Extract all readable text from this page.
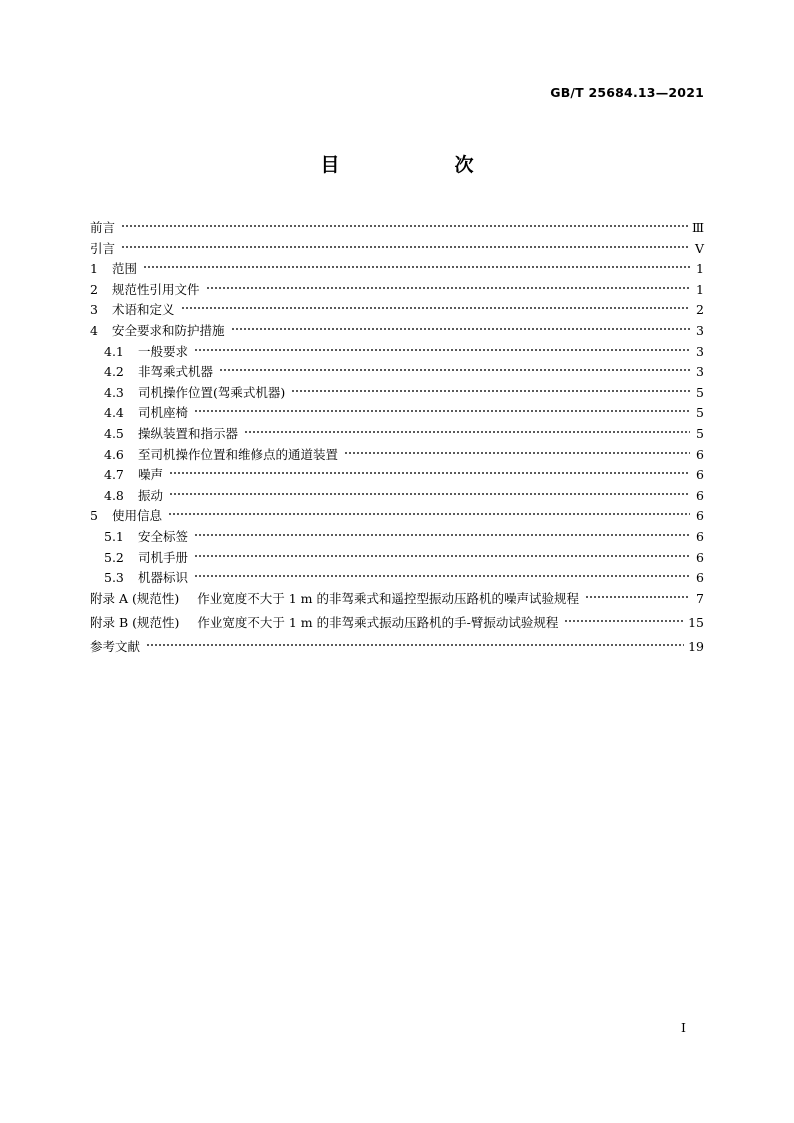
GB/T 25684.13—2021
目　次
前言	Ⅲ
引言	Ⅴ
1	范围	1
2	规范性引用文件	1
3	术语和定义	2
4	安全要求和防护措施	3
4.1	一般要求	3
4.2	非驾乘式机器	3
4.3	司机操作位置(驾乘式机器)	5
4.4	司机座椅	5
4.5	操纵装置和指示器	5
4.6	至司机操作位置和维修点的通道装置	6
4.7	噪声	6
4.8	振动	6
5	使用信息	6
5.1	安全标签	6
5.2	司机手册	6
5.3	机器标识	6
附录 A (规范性) 作业宽度不大于 1 m 的非驾乘式和遥控型振动压路机的噪声试验规程	7
附录 B (规范性) 作业宽度不大于 1 m 的非驾乘式振动压路机的手-臂振动试验规程	15
参考文献	19
Ⅰ
